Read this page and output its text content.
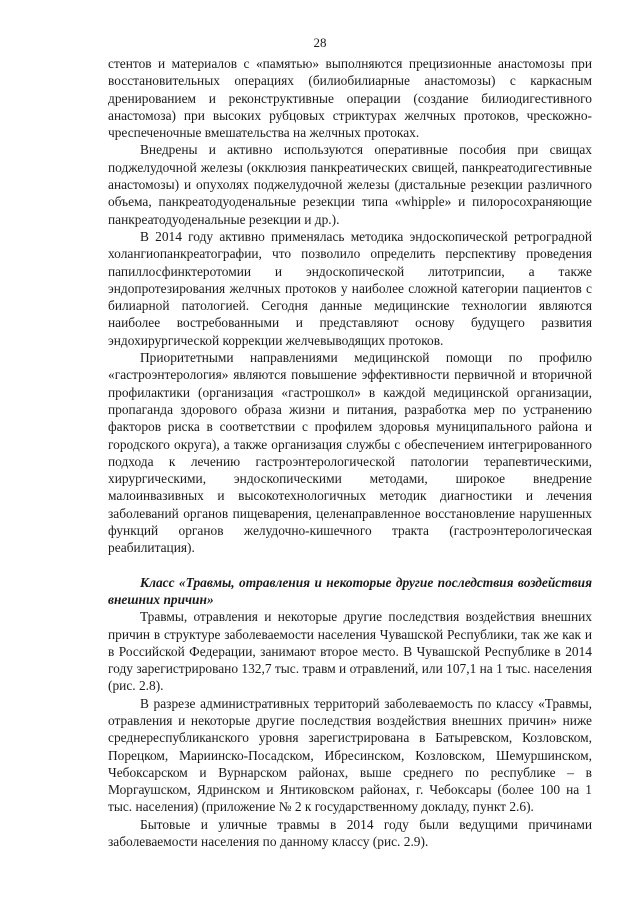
28

стентов и материалов с «памятью» выполняются прецизионные анастомозы при восстановительных операциях (билиобилиарные анастомозы) с каркасным дренированием и реконструктивные операции (создание билиодигестивного анастомоза) при высоких рубцовых стриктурах желчных протоков, чрескожно-чреспеченочные вмешательства на желчных протоках.

Внедрены и активно используются оперативные пособия при свищах поджелудочной железы (окклюзия панкреатических свищей, панкреатодигестивные анастомозы) и опухолях поджелудочной железы (дистальные резекции различного объема, панкреатодуоденальные резекции типа «whipple» и пилоросохраняющие панкреатодуоденальные резекции и др.).

В 2014 году активно применялась методика эндоскопической ретроградной холангиопанкреатографии, что позволило определить перспективу проведения папиллосфинктеротомии и эндоскопической литотрипсии, а также эндопротезирования желчных протоков у наиболее сложной категории пациентов с билиарной патологией. Сегодня данные медицинские технологии являются наиболее востребованными и представляют основу будущего развития эндохирургической коррекции желчевыводящих протоков.

Приоритетными направлениями медицинской помощи по профилю «гастроэнтерология» являются повышение эффективности первичной и вторичной профилактики (организация «гастрошкол» в каждой медицинской организации, пропаганда здорового образа жизни и питания, разработка мер по устранению факторов риска в соответствии с профилем здоровья муниципального района и городского округа), а также организация службы с обеспечением интегрированного подхода к лечению гастроэнтерологической патологии терапевтическими, хирургическими, эндоскопическими методами, широкое внедрение малоинвазивных и высокотехнологичных методик диагностики и лечения заболеваний органов пищеварения, целенаправленное восстановление нарушенных функций органов желудочно-кишечного тракта (гастроэнтерологическая реабилитация).

Класс «Травмы, отравления и некоторые другие последствия воздействия внешних причин»

Травмы, отравления и некоторые другие последствия воздействия внешних причин в структуре заболеваемости населения Чувашской Республики, так же как и в Российской Федерации, занимают второе место. В Чувашской Республике в 2014 году зарегистрировано 132,7 тыс. травм и отравлений, или 107,1 на 1 тыс. населения (рис. 2.8).

В разрезе административных территорий заболеваемость по классу «Травмы, отравления и некоторые другие последствия воздействия внешних причин» ниже среднереспубликанского уровня зарегистрирована в Батыревском, Козловском, Порецком, Мариинско-Посадском, Ибресинском, Козловском, Шемуршинском, Чебоксарском и Вурнарском районах, выше среднего по республике – в Моргаушском, Ядринском и Янтиковском районах, г. Чебоксары (более 100 на 1 тыс. населения) (приложение № 2 к государственному докладу, пункт 2.6).

Бытовые и уличные травмы в 2014 году были ведущими причинами заболеваемости населения по данному классу (рис. 2.9).
